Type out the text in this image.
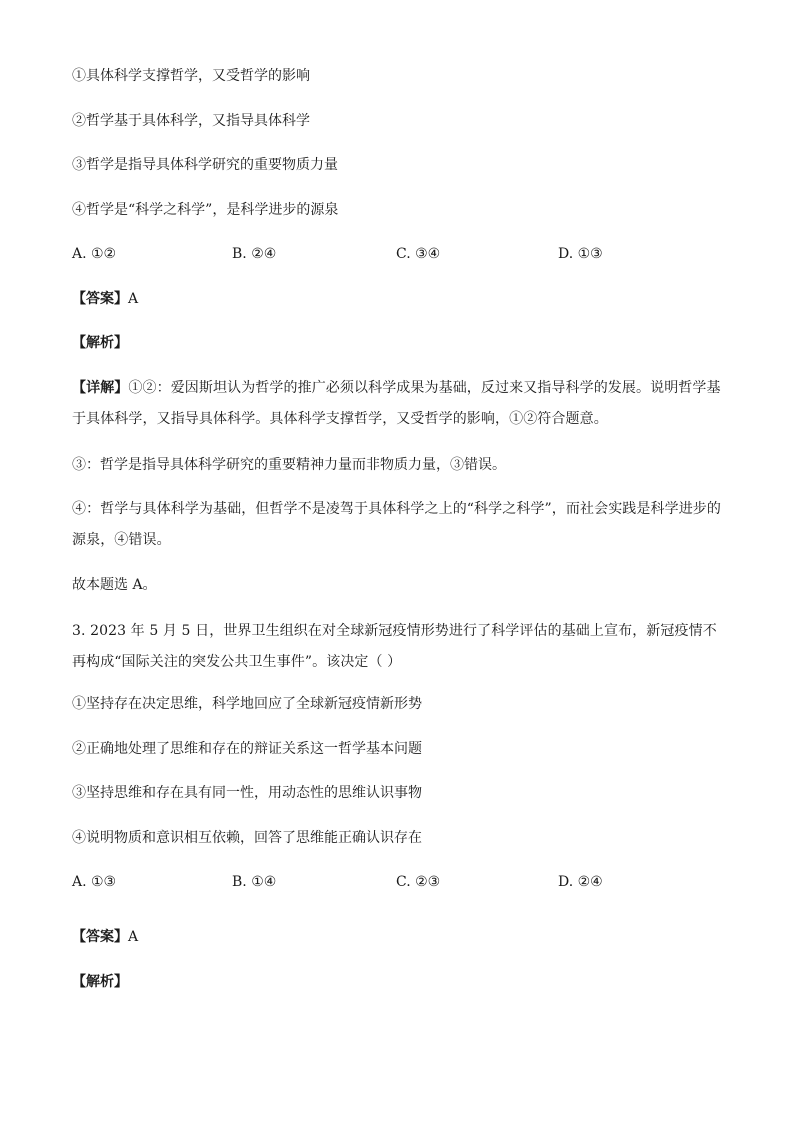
①具体科学支撑哲学，又受哲学的影响
②哲学基于具体科学，又指导具体科学
③哲学是指导具体科学研究的重要物质力量
④哲学是“科学之科学”，是科学进步的源泉
A. ①②	B. ②④	C. ③④	D. ①③
【答案】A
【解析】
【详解】①②：爱因斯坦认为哲学的推广必须以科学成果为基础，反过来又指导科学的发展。说明哲学基于具体科学，又指导具体科学。具体科学支撑哲学，又受哲学的影响，①②符合题意。
③：哲学是指导具体科学研究的重要精神力量而非物质力量，③错误。
④：哲学与具体科学为基础，但哲学不是凌驾于具体科学之上的“科学之科学”，而社会实践是科学进步的源泉，④错误。
故本题选 A。
3. 2023 年 5 月 5 日，世界卫生组织在对全球新冠疫情形势进行了科学评估的基础上宣布，新冠疫情不再构成“国际关注的突发公共卫生事件”。该决定（ ）
①坚持存在决定思维，科学地回应了全球新冠疫情新形势
②正确地处理了思维和存在的辩证关系这一哲学基本问题
③坚持思维和存在具有同一性，用动态性的思维认识事物
④说明物质和意识相互依赖，回答了思维能正确认识存在
A. ①③	B. ①④	C. ②③	D. ②④
【答案】A
【解析】
